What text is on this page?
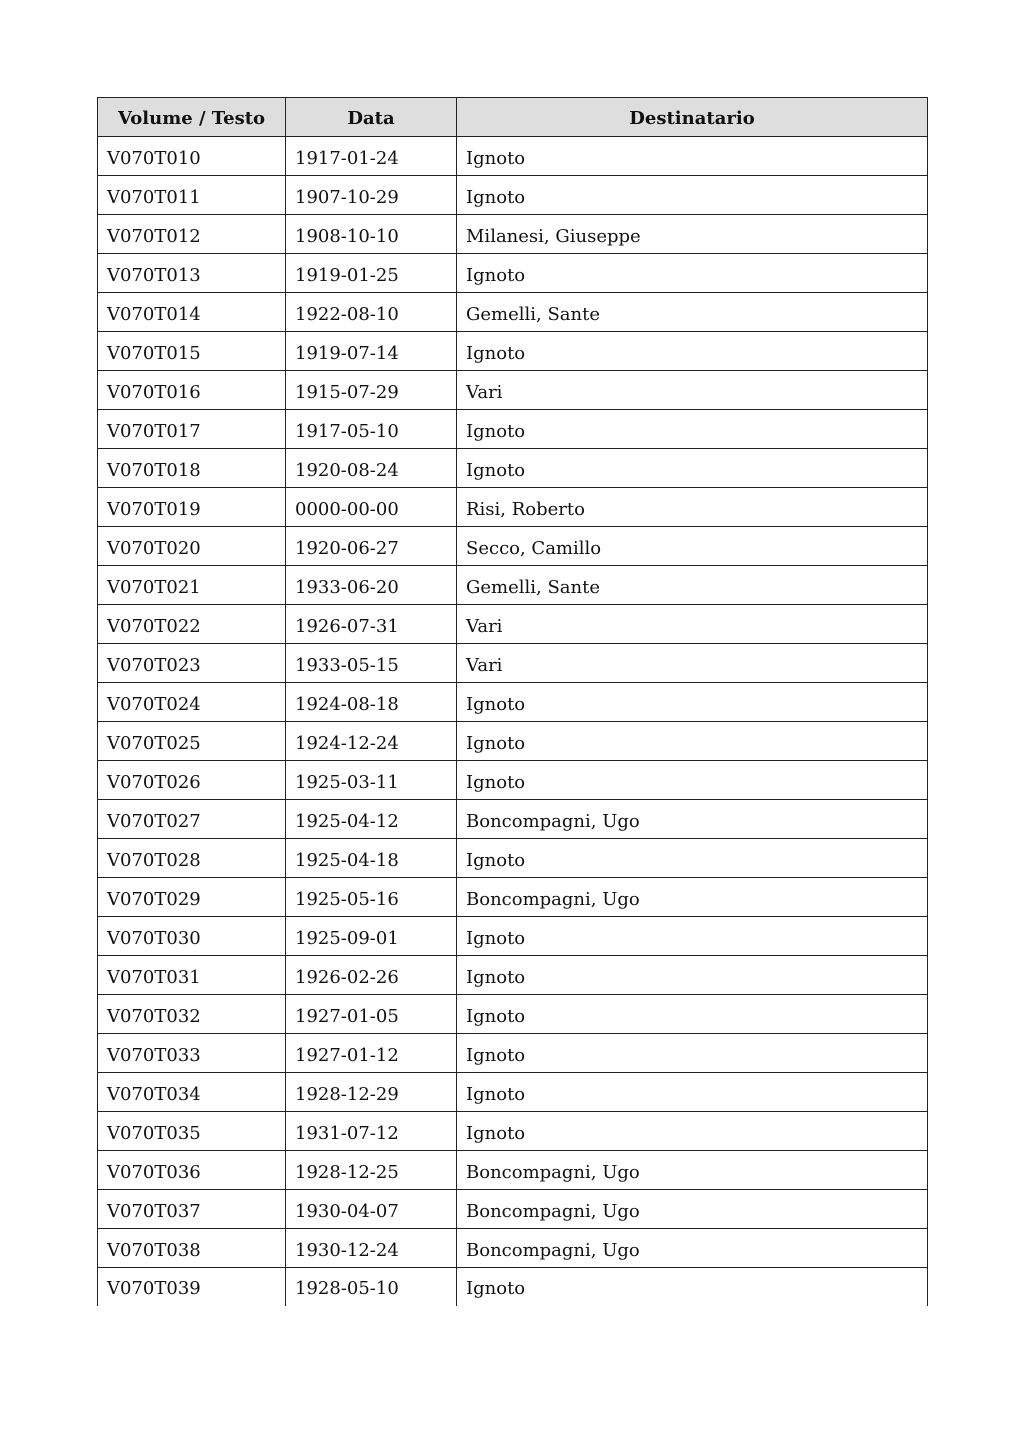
Volume / Testo	Data	Destinatario
V070T010	1917-01-24	Ignoto
V070T011	1907-10-29	Ignoto
V070T012	1908-10-10	Milanesi, Giuseppe
V070T013	1919-01-25	Ignoto
V070T014	1922-08-10	Gemelli, Sante
V070T015	1919-07-14	Ignoto
V070T016	1915-07-29	Vari
V070T017	1917-05-10	Ignoto
V070T018	1920-08-24	Ignoto
V070T019	0000-00-00	Risi, Roberto
V070T020	1920-06-27	Secco, Camillo
V070T021	1933-06-20	Gemelli, Sante
V070T022	1926-07-31	Vari
V070T023	1933-05-15	Vari
V070T024	1924-08-18	Ignoto
V070T025	1924-12-24	Ignoto
V070T026	1925-03-11	Ignoto
V070T027	1925-04-12	Boncompagni, Ugo
V070T028	1925-04-18	Ignoto
V070T029	1925-05-16	Boncompagni, Ugo
V070T030	1925-09-01	Ignoto
V070T031	1926-02-26	Ignoto
V070T032	1927-01-05	Ignoto
V070T033	1927-01-12	Ignoto
V070T034	1928-12-29	Ignoto
V070T035	1931-07-12	Ignoto
V070T036	1928-12-25	Boncompagni, Ugo
V070T037	1930-04-07	Boncompagni, Ugo
V070T038	1930-12-24	Boncompagni, Ugo
V070T039	1928-05-10	Ignoto
